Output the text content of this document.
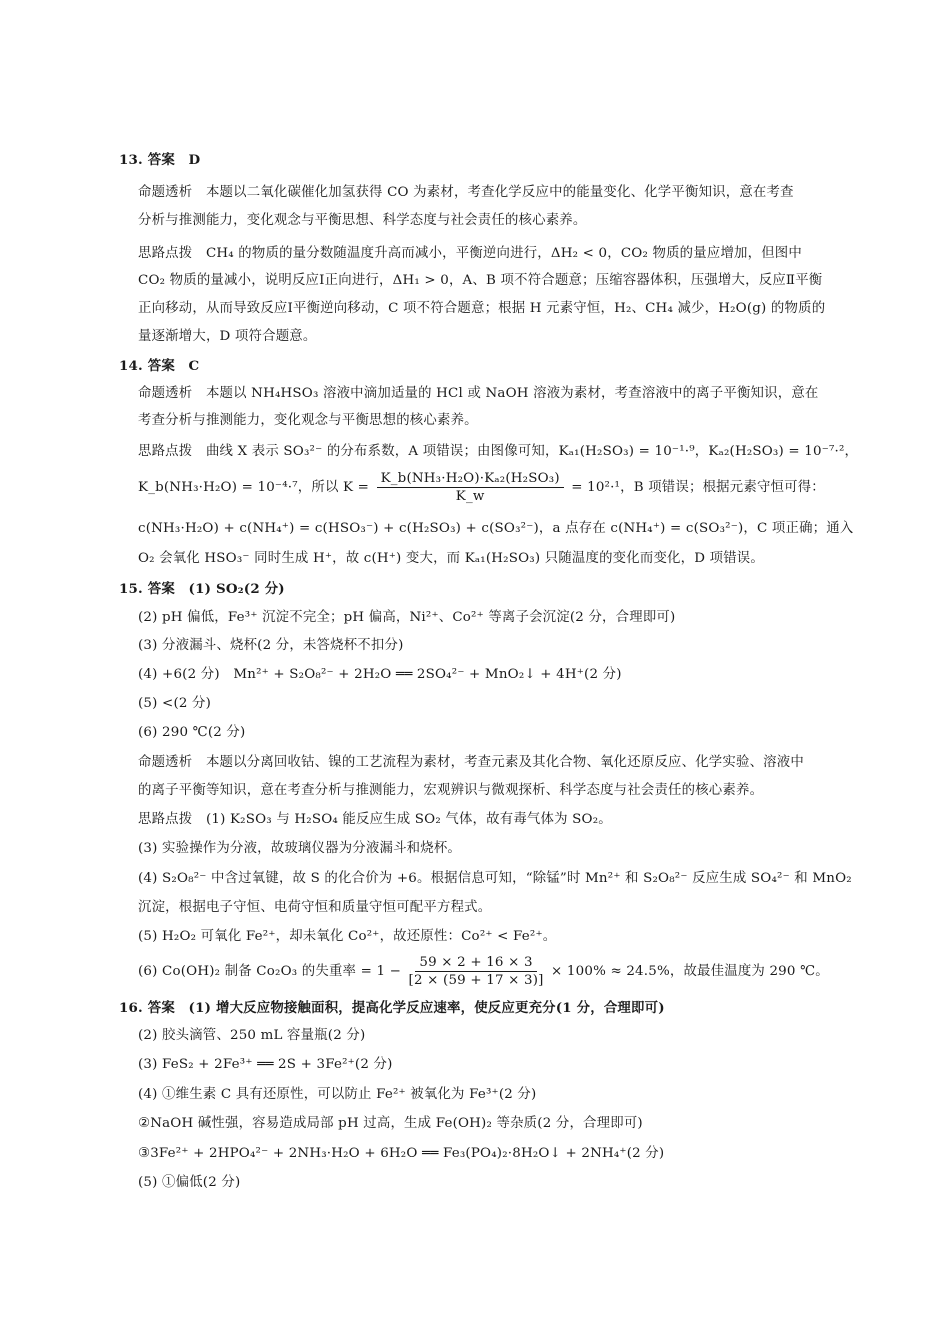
13. 答案　D
命题透析　本题以二氧化碳催化加氢获得 CO 为素材，考查化学反应中的能量变化、化学平衡知识，意在考查
分析与推测能力，变化观念与平衡思想、科学态度与社会责任的核心素养。
思路点拨　CH₄ 的物质的量分数随温度升高而减小，平衡逆向进行，ΔH₂ < 0，CO₂ 物质的量应增加，但图中
CO₂ 物质的量减小，说明反应Ⅰ正向进行，ΔH₁ > 0，A、B 项不符合题意；压缩容器体积，压强增大，反应Ⅱ平衡
正向移动，从而导致反应Ⅰ平衡逆向移动，C 项不符合题意；根据 H 元素守恒，H₂、CH₄ 减少，H₂O(g) 的物质的
量逐渐增大，D 项符合题意。
14. 答案　C
命题透析　本题以 NH₄HSO₃ 溶液中滴加适量的 HCl 或 NaOH 溶液为素材，考查溶液中的离子平衡知识，意在
考查分析与推测能力，变化观念与平衡思想的核心素养。
思路点拨　曲线 X 表示 SO₃²⁻ 的分布系数，A 项错误；由图像可知，Kₐ₁(H₂SO₃) = 10⁻¹·⁹，Kₐ₂(H₂SO₃) = 10⁻⁷·²，
K_b(NH₃·H₂O) = 10⁻⁴·⁷，所以 $K = \frac{\text{K\_b(NH₃·H₂O)·Kₐ₂(H₂SO₃)}}{K\_w} = 10^2\cdot^1$，B 项错误；根据元素守恒可得：
c(NH₃·H₂O) + c(NH₄⁺) = c(HSO₃⁻) + c(H₂SO₃) + c(SO₃²⁻)，a 点存在 c(NH₄⁺) = c(SO₃²⁻)，C 项正确；通入
O₂ 会氧化 HSO₃⁻ 同时生成 H⁺，故 c(H⁺) 变大，而 Kₐ₁(H₂SO₃) 只随温度的变化而变化，D 项错误。
15. 答案　(1) SO₂(2 分)
(2) pH 偏低，Fe³⁺ 沉淀不完全；pH 偏高，Ni²⁺、Co²⁺ 等离子会沉淀(2 分，合理即可)
(3) 分液漏斗、烧杯(2 分，未答烧杯不扣分)
(4) +6(2 分)　Mn²⁺ + S₂O₈²⁻ + 2H₂O ══ 2SO₄²⁻ + MnO₂↓ + 4H⁺(2 分)
(5) <(2 分)
(6) 290 ℃(2 分)
命题透析　本题以分离回收钴、镍的工艺流程为素材，考查元素及其化合物、氧化还原反应、化学实验、溶液中
的离子平衡等知识，意在考查分析与推测能力，宏观辨识与微观探析、科学态度与社会责任的核心素养。
思路点拨　(1) K₂SO₃ 与 H₂SO₄ 能反应生成 SO₂ 气体，故有毒气体为 SO₂。
(3) 实验操作为分液，故玻璃仪器为分液漏斗和烧杯。
(4) S₂O₈²⁻ 中含过氧键，故 S 的化合价为 +6。根据信息可知，“除锰”时 Mn²⁺ 和 S₂O₈²⁻ 反应生成 SO₄²⁻ 和 MnO₂
沉淀，根据电子守恒、电荷守恒和质量守恒可配平方程式。
(5) H₂O₂ 可氧化 Fe²⁺，却未氧化 Co²⁺，故还原性：Co²⁺ < Fe²⁺。
(6) Co(OH)₂ 制备 Co₂O₃ 的失重率 = $1 - \frac{59 \times 2 + 16 \times 3}{[2 \times (59 + 17 \times 3)]} \times 100\% \approx 24.5\%$，故最佳温度为 290 ℃。
16. 答案　(1) 增大反应物接触面积，提高化学反应速率，使反应更充分(1 分，合理即可)
(2) 胶头滴管、250 mL 容量瓶(2 分)
(3) FeS₂ + 2Fe³⁺ ══ 2S + 3Fe²⁺(2 分)
(4) ①维生素 C 具有还原性，可以防止 Fe²⁺ 被氧化为 Fe³⁺(2 分)
②NaOH 碱性强，容易造成局部 pH 过高，生成 Fe(OH)₂ 等杂质(2 分，合理即可)
③3Fe²⁺ + 2HPO₄²⁻ + 2NH₃·H₂O + 6H₂O ══ Fe₃(PO₄)₂·8H₂O↓ + 2NH₄⁺(2 分)
(5) ①偏低(2 分)
